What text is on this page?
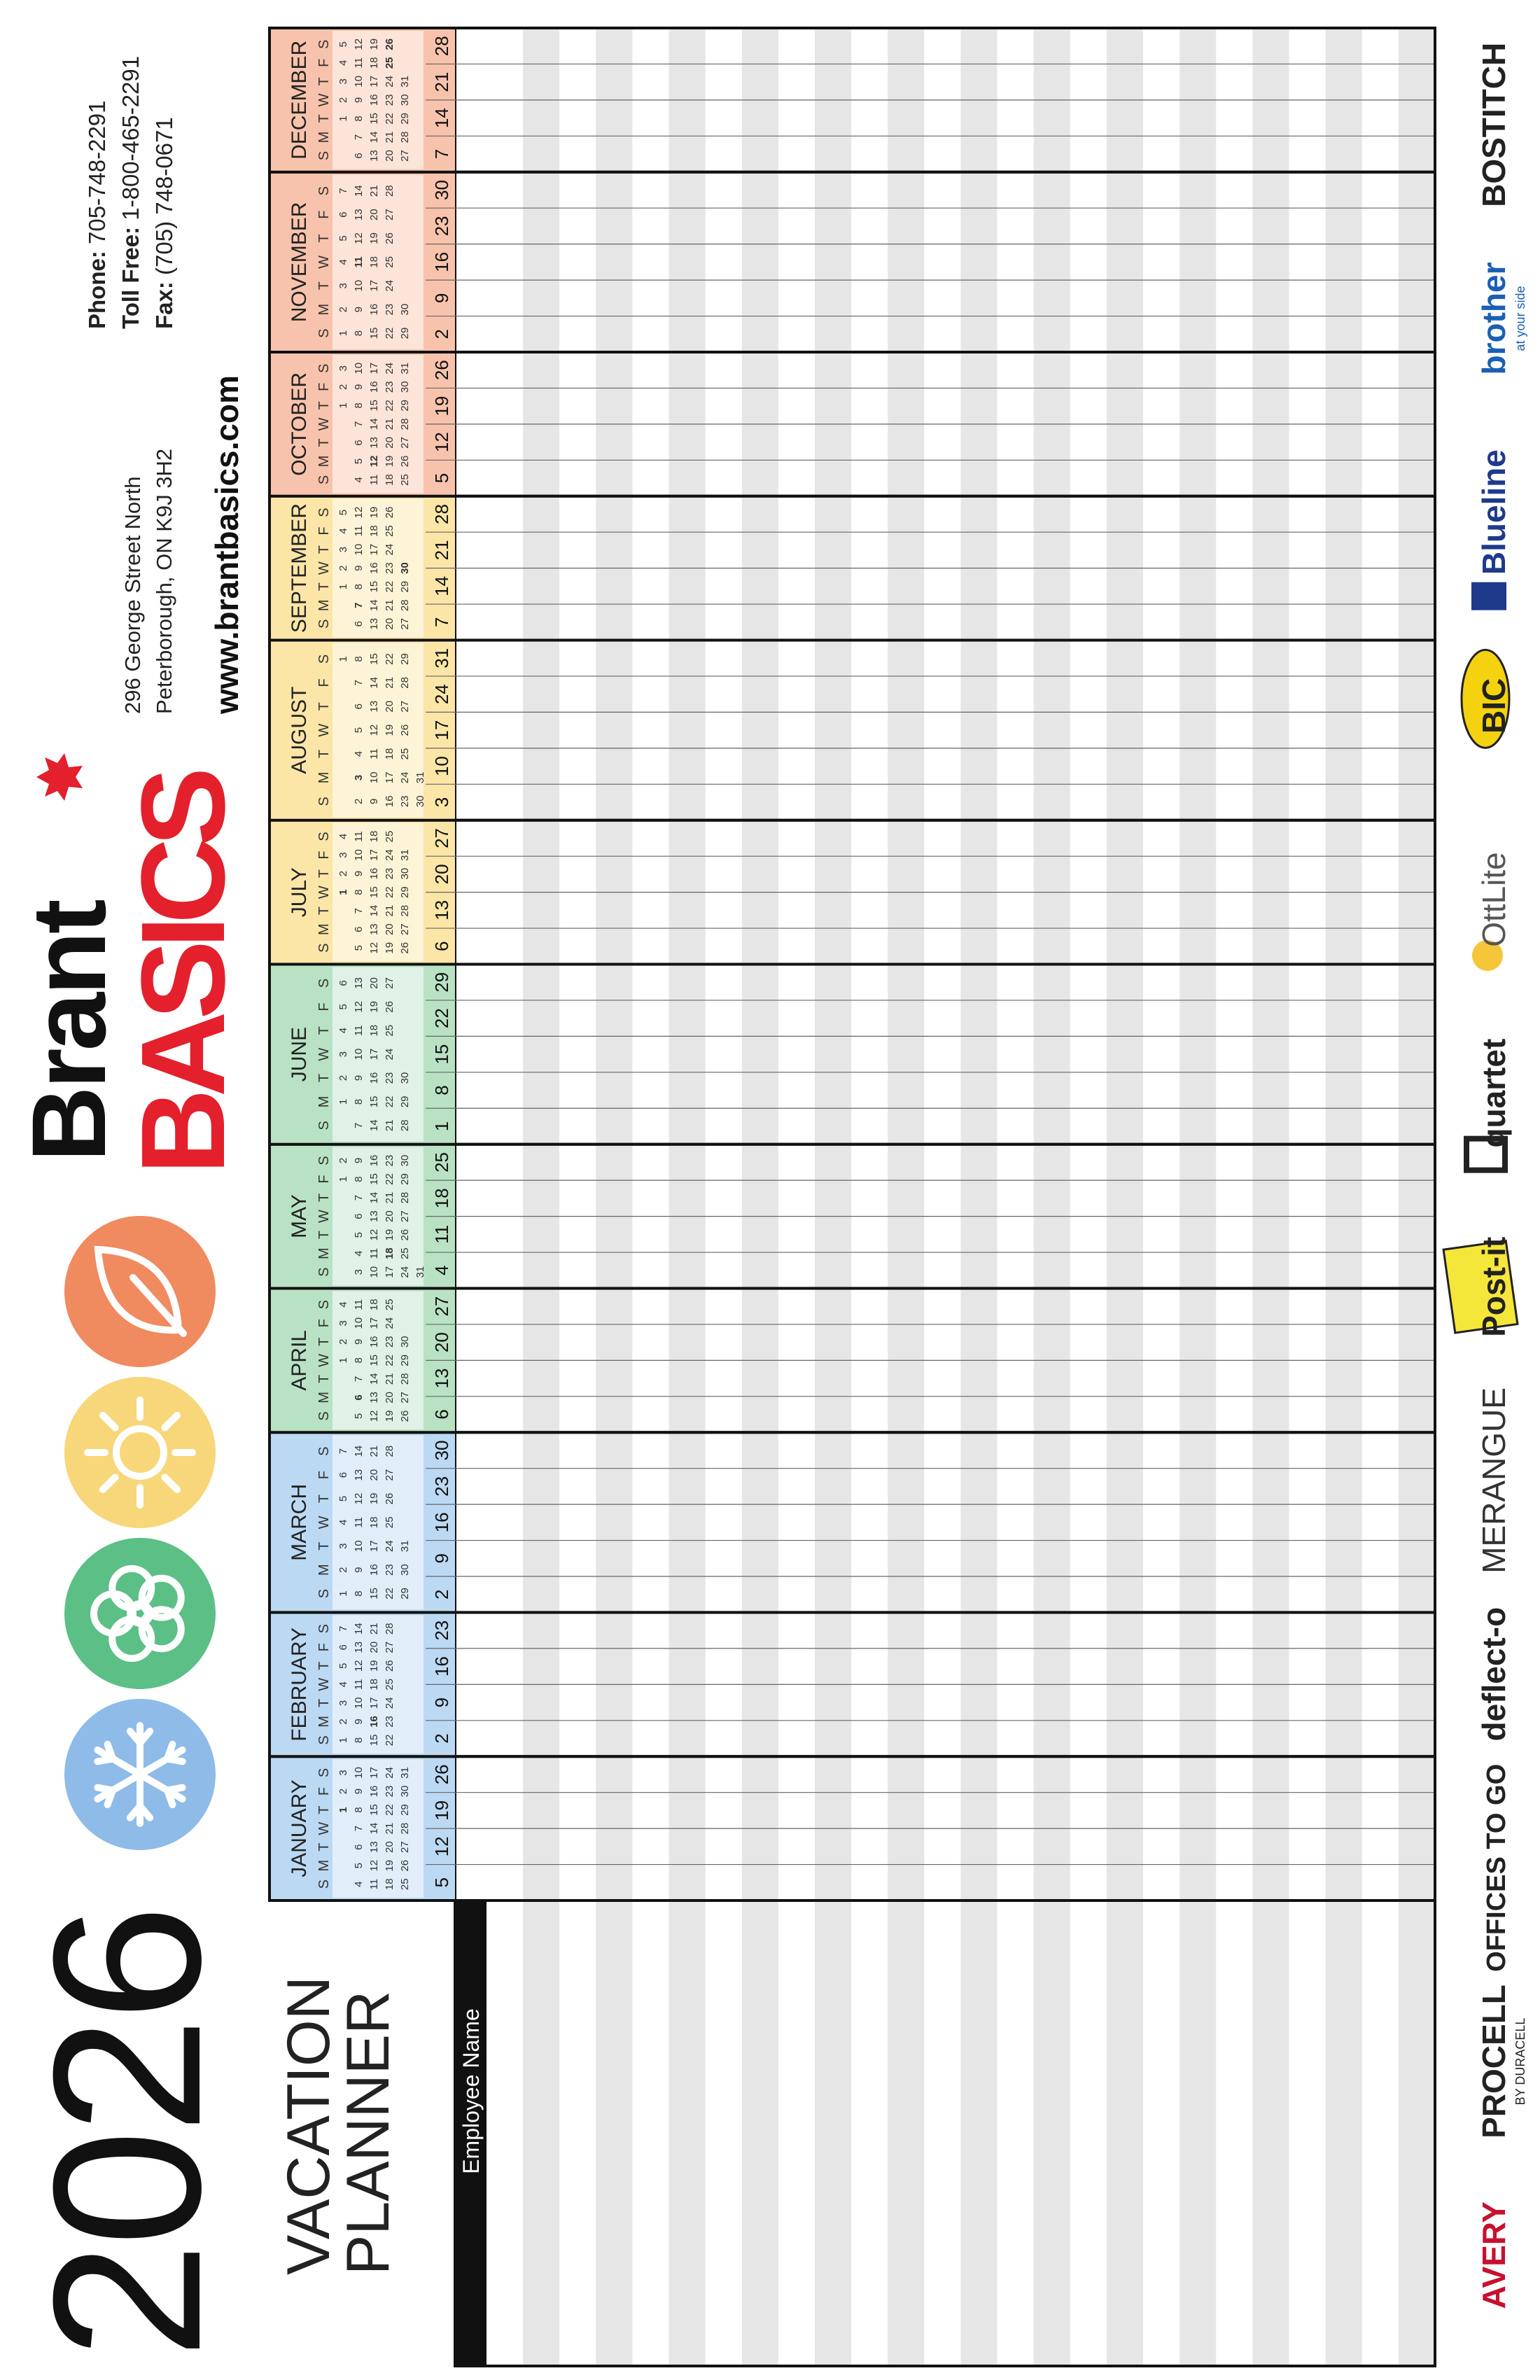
2026 VACATION
PLANNER
Brant
BASICS
296 George Street North Peterborough, ON K9J 3H2 www.brantbasics.com
Phone: 705-748-2291
Toll Free: 1-800-465-2291
Fax: (705) 748-0671
Employee Name
JANUARY
S
M
T
W
T
F
S
1
2
3
4
5
6
7
8
9
10
11
12
13
14
15
16
17
18
19
20
21
22
23
24
25
26
27
28
29
30
31
5
12
19
26
FEBRUARY S
M
T
W
T
F
S
1
2
3
4
5
6
7
8
9
10
11
12
13
14
15
16
17
18
19
20
21
22
23
24
25
26
27
28
2
9
16
23
MARCH
S
M
T
W
T
F
S
1
2
3
4
5
6
7
8
9
10
11
12
13
14
15
16
17
18
19
20
21
22
23
24
25
26
27
28
29
30
31
2
9
16
23
30
APRIL
S
M
T
W
T
F
S
1
2
3
4
5
6
7
8
9
10
11
12
13
14
15
16
17
18
19
20
21
22
23
24
25
26
27
28
29
30
6
13
20
27
MAY
S
M
T
W
T
F
S
1
2
3
4
5
6
7
8
9
10
11
12
13
14
15
16
17
18
19
20
21
22
23
24
25
26
27
28
29
30
31 4
11
18
25
JUNE
S
M
T
W
T
F
S
1
2
3
4
5
6
7
8
9
10
11
12
13
14
15
16
17
18
19
20
21
22
23
24
25
26
27
28
29
30
1
8
15
22
29
JULY
S
M
T
W
T
F
S
1
2
3
4
5
6
7
8
9
10
11
12
13
14
15
16
17
18
19
20
21
22
23
24
25
26
27
28
29
30
31
6
13
20
27
AUGUST
S
M
T
W
T
F
S 1
2
3
4
5
6
7
8
9
10
11
12
13
14
15
16
17
18
19
20
21
22
23
24
25
26
27
28
29
30
31
3
10
17
24
31
SEPTEMBER S
M
T
W
T
F
S
1
2
3
4
5
6
7
8
9
10
11
12
13
14
15
16
17
18
19
20
21
22
23
24
25
26
27
28
29
30
7
14
21
28
OCTOBER
S
M
T
W
T
F
S
1
2
3
4
5
6
7
8
9
10
11
12
13
14
15
16
17
18
19
20
21
22
23
24
25
26
27
28
29
30
31
5
12
19
26
NOVEMBER
S
M
T
W
T
F
S
1
2
3
4
5
6
7
8
9
10
11
12
13
14
15
16
17
18
19
20
21
22
23
24
25
26
27
28
29
30
2
9
16
23
30
DECEMBER S
M
T
W
T
F
S
1
2
3
4
5
6
7
8
9
10
11
12
13
14
15
16
17
18
19
20
21
22
23
24
25
26
27
28
29
30
31
7
14
21
28
AVERY
PROCELL BY DURACELL
OFFICES TO GO
deflect-o
MERANGUE
Post-it
quartet
OttLite
BIC
Blueline
brother at your side
BOSTITCH
